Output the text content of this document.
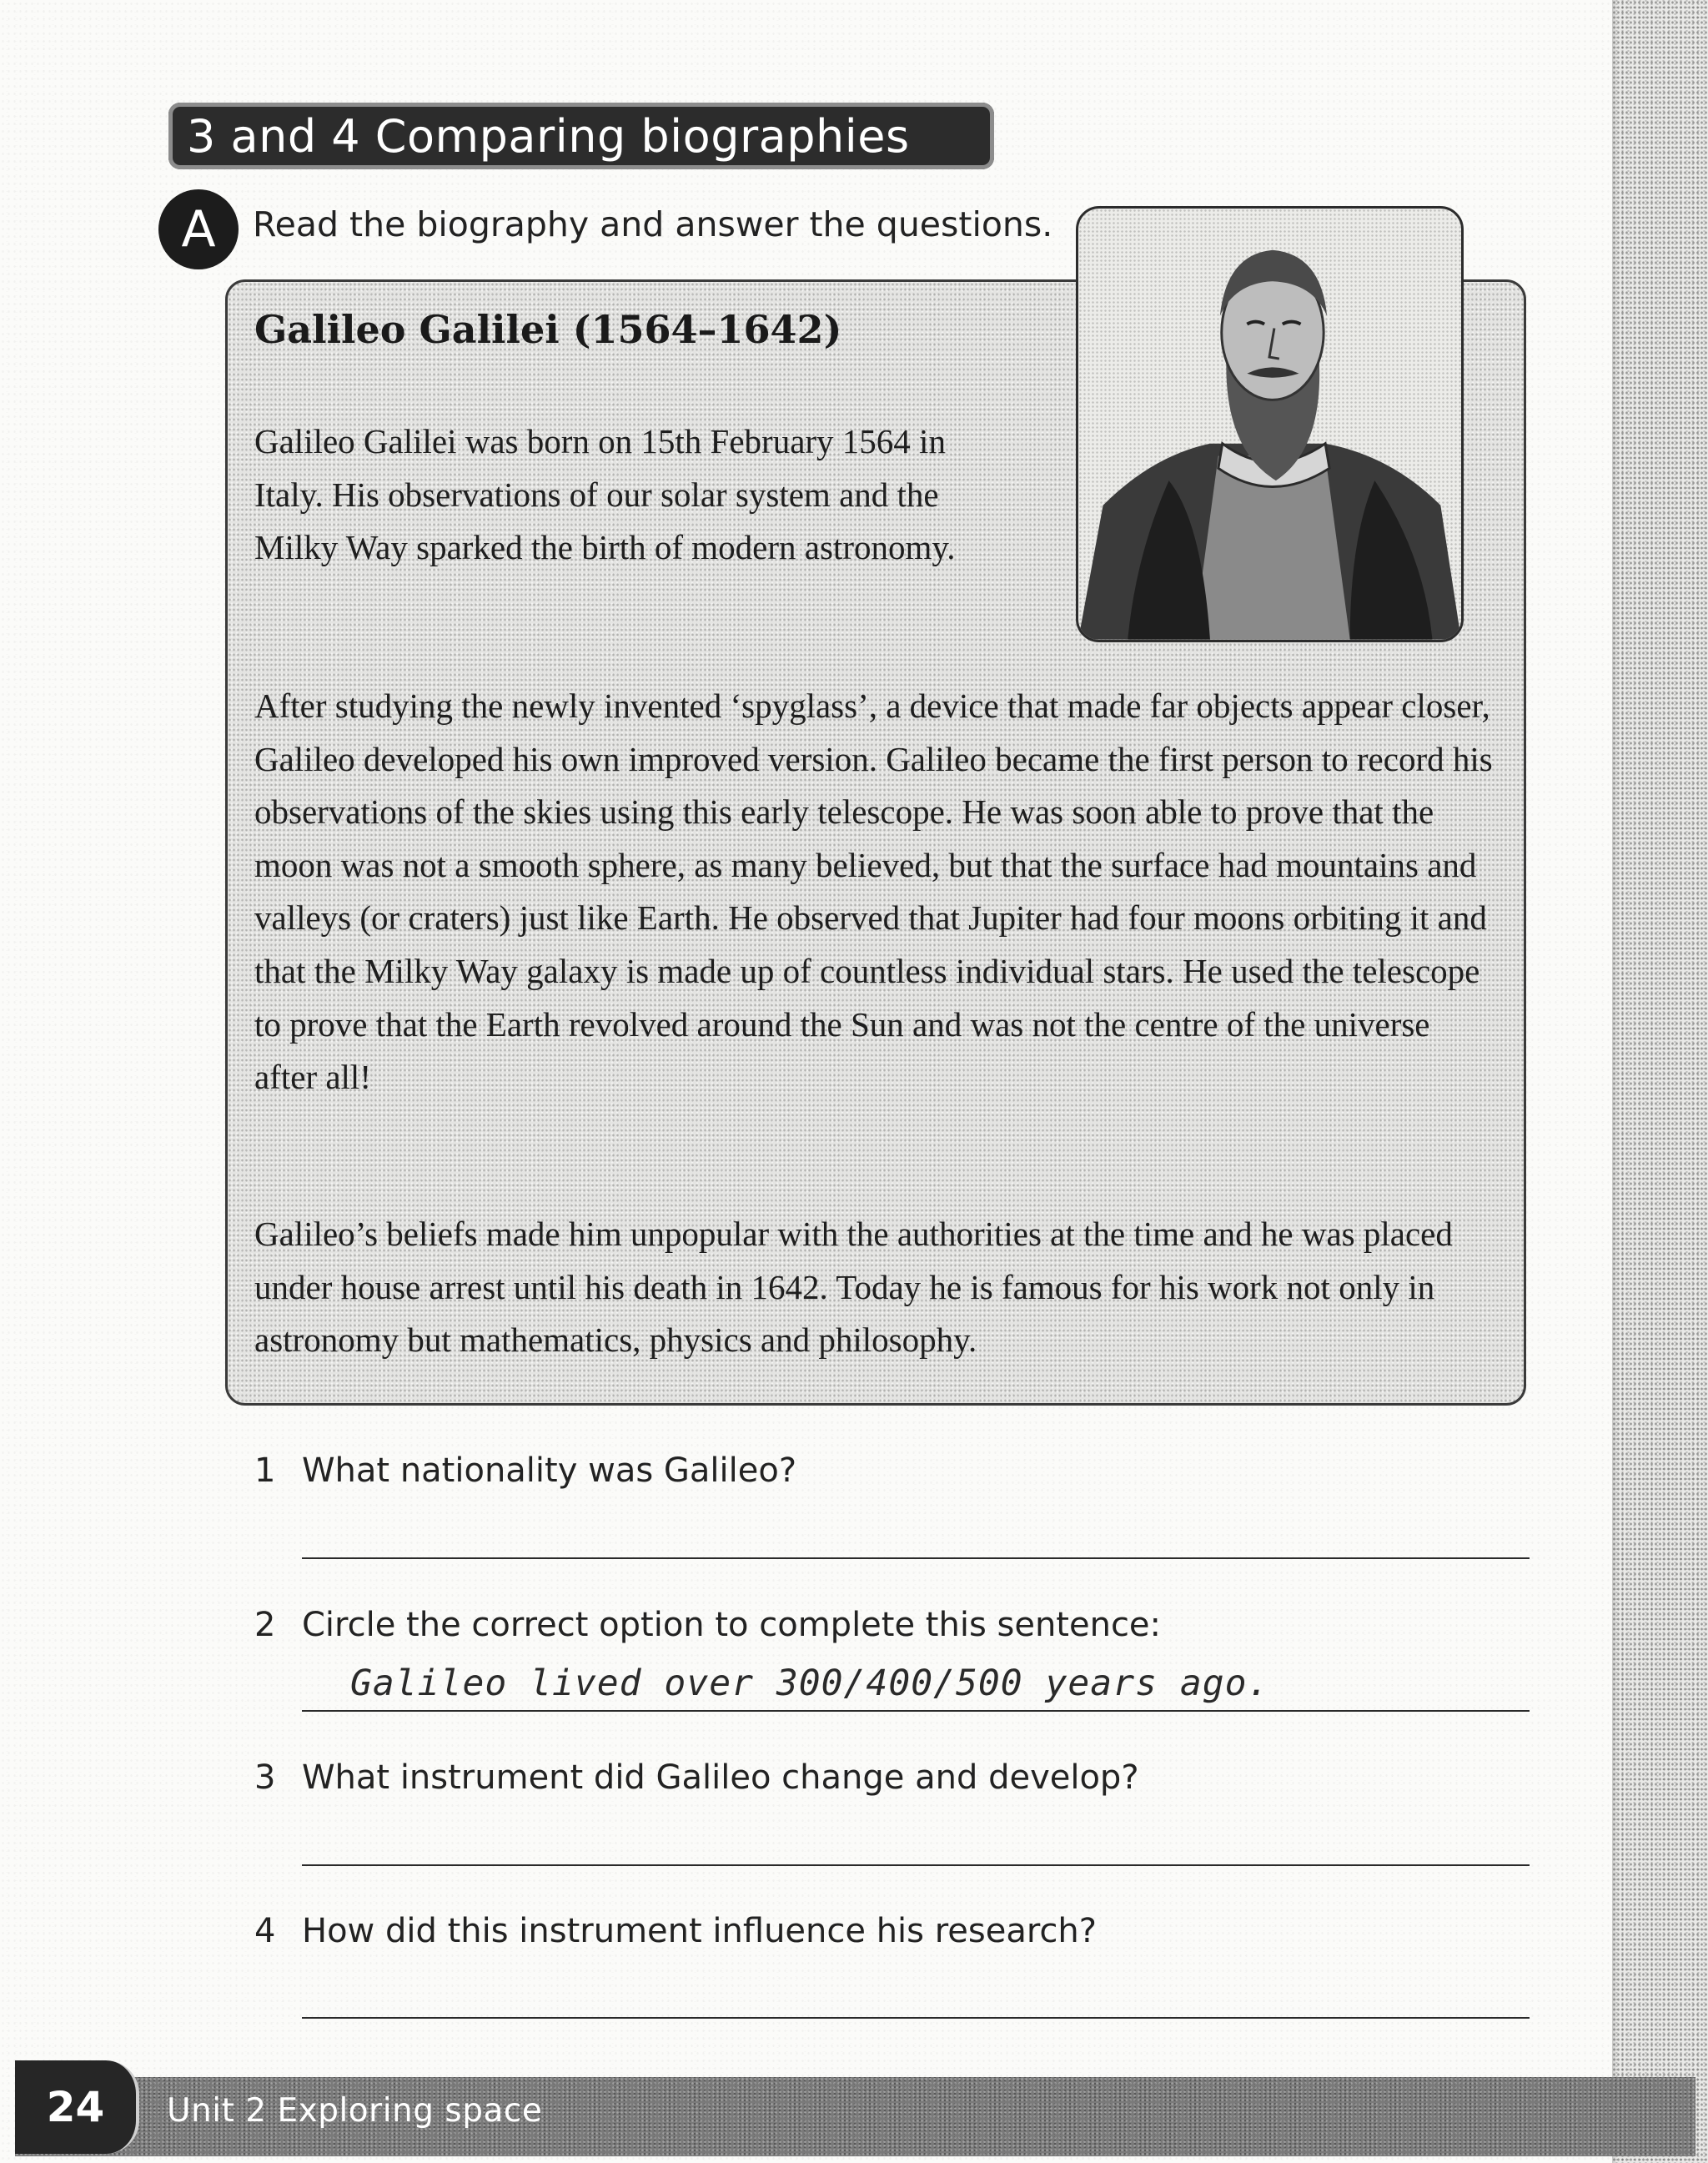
3 and 4 Comparing biographies
A	Read the biography and answer the questions.
Galileo Galilei (1564–1642)

Galileo Galilei was born on 15th February 1564 in Italy. His observations of our solar system and the Milky Way sparked the birth of modern astronomy.

After studying the newly invented ‘spyglass’, a device that made far objects appear closer, Galileo developed his own improved version. Galileo became the first person to record his observations of the skies using this early telescope. He was soon able to prove that the moon was not a smooth sphere, as many believed, but that the surface had mountains and valleys (or craters) just like Earth. He observed that Jupiter had four moons orbiting it and that the Milky Way galaxy is made up of countless individual stars. He used the telescope to prove that the Earth revolved around the Sun and was not the centre of the universe after all!

Galileo’s beliefs made him unpopular with the authorities at the time and he was placed under house arrest until his death in 1642. Today he is famous for his work not only in astronomy but mathematics, physics and philosophy.

1 What nationality was Galileo?
2 Circle the correct option to complete this sentence:
Galileo lived over 300/400/500 years ago.
3 What instrument did Galileo change and develop?
4 How did this instrument influence his research?
24 Unit 2 Exploring space
